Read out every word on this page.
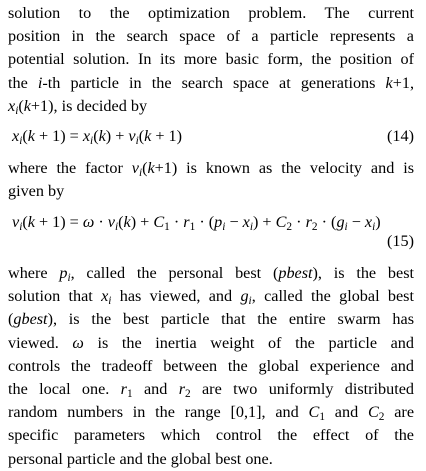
solution to the optimization problem. The current
position in the search space of a particle represents a
potential solution. In its more basic form, the position of
the i-th particle in the search space at generations k+1,
$x_i(k+1)$, is decided by
$x_i(k + 1) = x_i(k) + v_i(k + 1)$	(14)
where the factor $v_i(k+1)$ is known as the velocity and is
given by
$v_i(k + 1) = \omega \cdot v_i(k) + C_1 \cdot r_1 \cdot (p_i - x_i) + C_2 \cdot r_2 \cdot (g_i - x_i)$
(15)
where $p_i$, called the personal best (pbest), is the best
solution that $x_i$ has viewed, and $g_i$, called the global best
(gbest), is the best particle that the entire swarm has
viewed. ω is the inertia weight of the particle and
controls the tradeoff between the global experience and
the local one. $r_1$ and $r_2$ are two uniformly distributed
random numbers in the range [0,1], and $C_1$ and $C_2$ are
specific parameters which control the effect of the
personal particle and the global best one.
